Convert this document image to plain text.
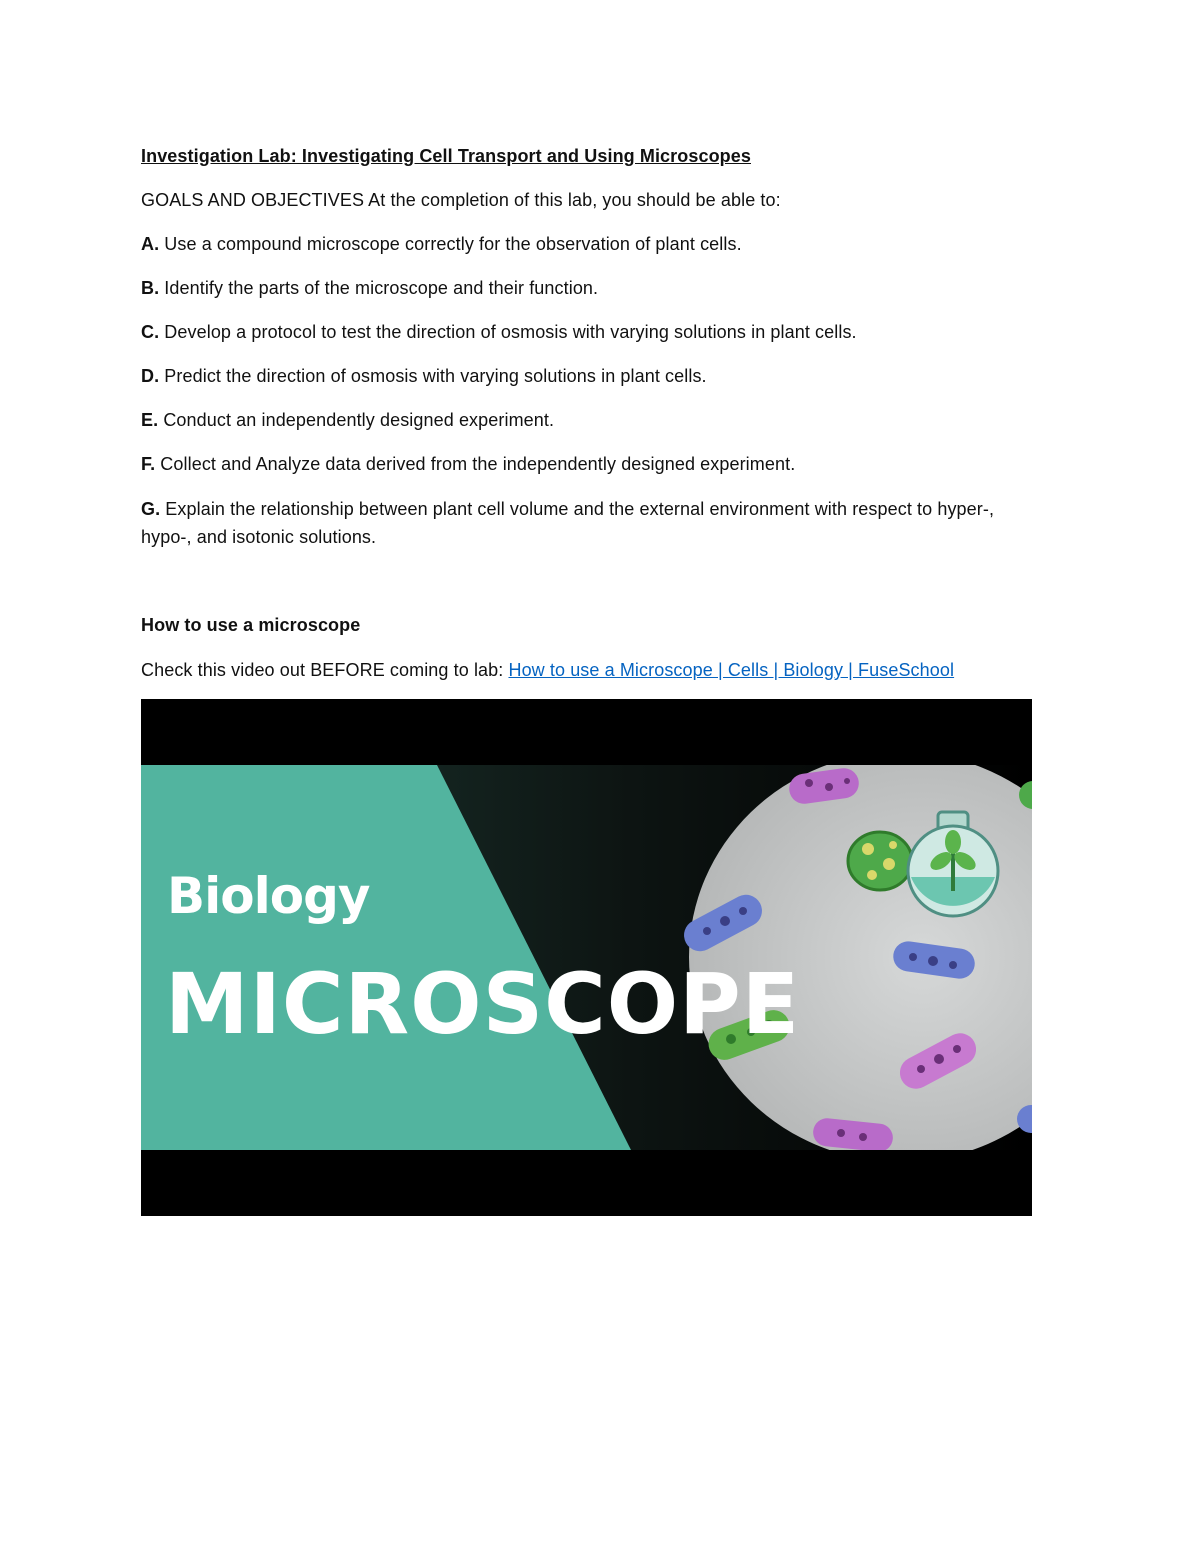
Investigation Lab: Investigating Cell Transport and Using Microscopes
GOALS AND OBJECTIVES At the completion of this lab, you should be able to:
A. Use a compound microscope correctly for the observation of plant cells.
B. Identify the parts of the microscope and their function.
C. Develop a protocol to test the direction of osmosis with varying solutions in plant cells.
D. Predict the direction of osmosis with varying solutions in plant cells.
E. Conduct an independently designed experiment.
F. Collect and Analyze data derived from the independently designed experiment.
G. Explain the relationship between plant cell volume and the external environment with respect to hyper-, hypo-, and isotonic solutions.
How to use a microscope
Check this video out BEFORE coming to lab: How to use a Microscope | Cells | Biology | FuseSchool
Biology
MICROSCOPE
